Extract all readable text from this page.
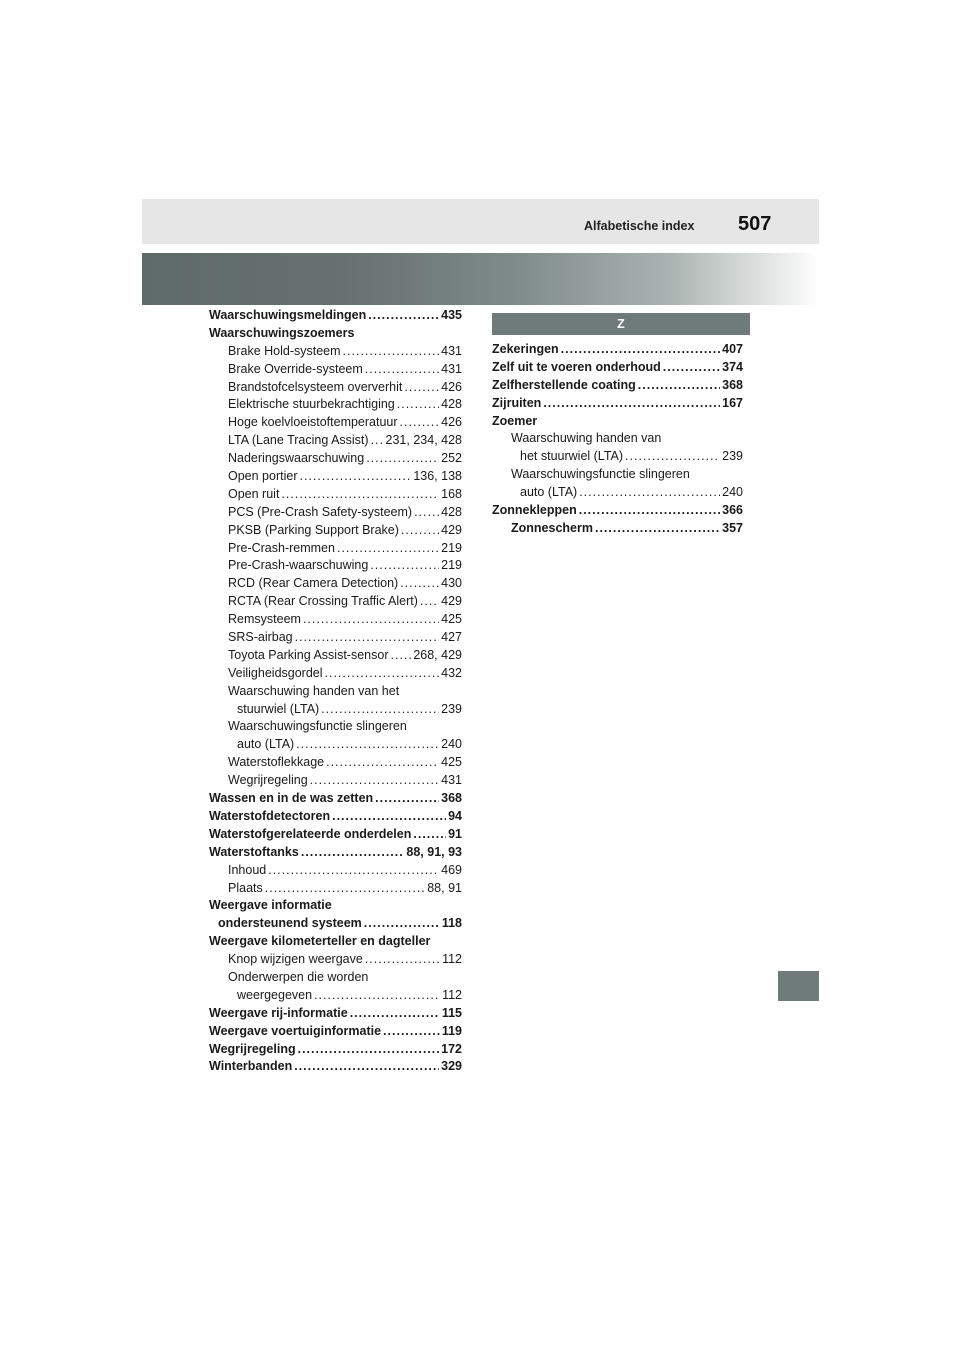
Alfabetische index 507
Waarschuwingsmeldingen .....	435
Waarschuwingszoemers
Brake Hold-systeem .....	431
Brake Override-systeem .....	431
Brandstofcelsysteem oververhit .....	426
Elektrische stuurbekrachtiging .....	428
Hoge koelvloeistoftemperatuur .....	426
LTA (Lane Tracing Assist) ..... 231, 234, 428
Naderingswaarschuwing .....	252
Open portier .....	136, 138
Open ruit .....	168
PCS (Pre-Crash Safety-systeem) ..... 428
PKSB (Parking Support Brake) .....	429
Pre-Crash-remmen .....	219
Pre-Crash-waarschuwing .....	219
RCD (Rear Camera Detection) .....	430
RCTA (Rear Crossing Traffic Alert) ..... 429
Remsysteem .....	425
SRS-airbag .....	427
Toyota Parking Assist-sensor ..... 268, 429
Veiligheidsgordel .....	432
Waarschuwing handen van het
stuurwiel (LTA) .....	239
Waarschuwingsfunctie slingeren
auto (LTA) .....	240
Waterstoflekkage .....	425
Wegrijregeling .....	431
Wassen en in de was zetten .....	368
Waterstofdetectoren .....	94
Waterstofgerelateerde onderdelen .....	91
Waterstoftanks .....	88, 91, 93
Inhoud .....	469
Plaats .....	88, 91
Weergave informatie
ondersteunend systeem .....	118
Weergave kilometerteller en dagteller
Knop wijzigen weergave .....	112
Onderwerpen die worden
weergegeven .....	112
Weergave rij-informatie .....	115
Weergave voertuiginformatie .....	119
Wegrijregeling .....	172
Winterbanden .....	329
Z
Zekeringen .....	407
Zelf uit te voeren onderhoud .....	374
Zelfherstellende coating .....	368
Zijruiten .....	167
Zoemer
Waarschuwing handen van
het stuurwiel (LTA) .....	239
Waarschuwingsfunctie slingeren
auto (LTA) .....	240
Zonnekleppen .....	366
Zonnescherm .....	357
